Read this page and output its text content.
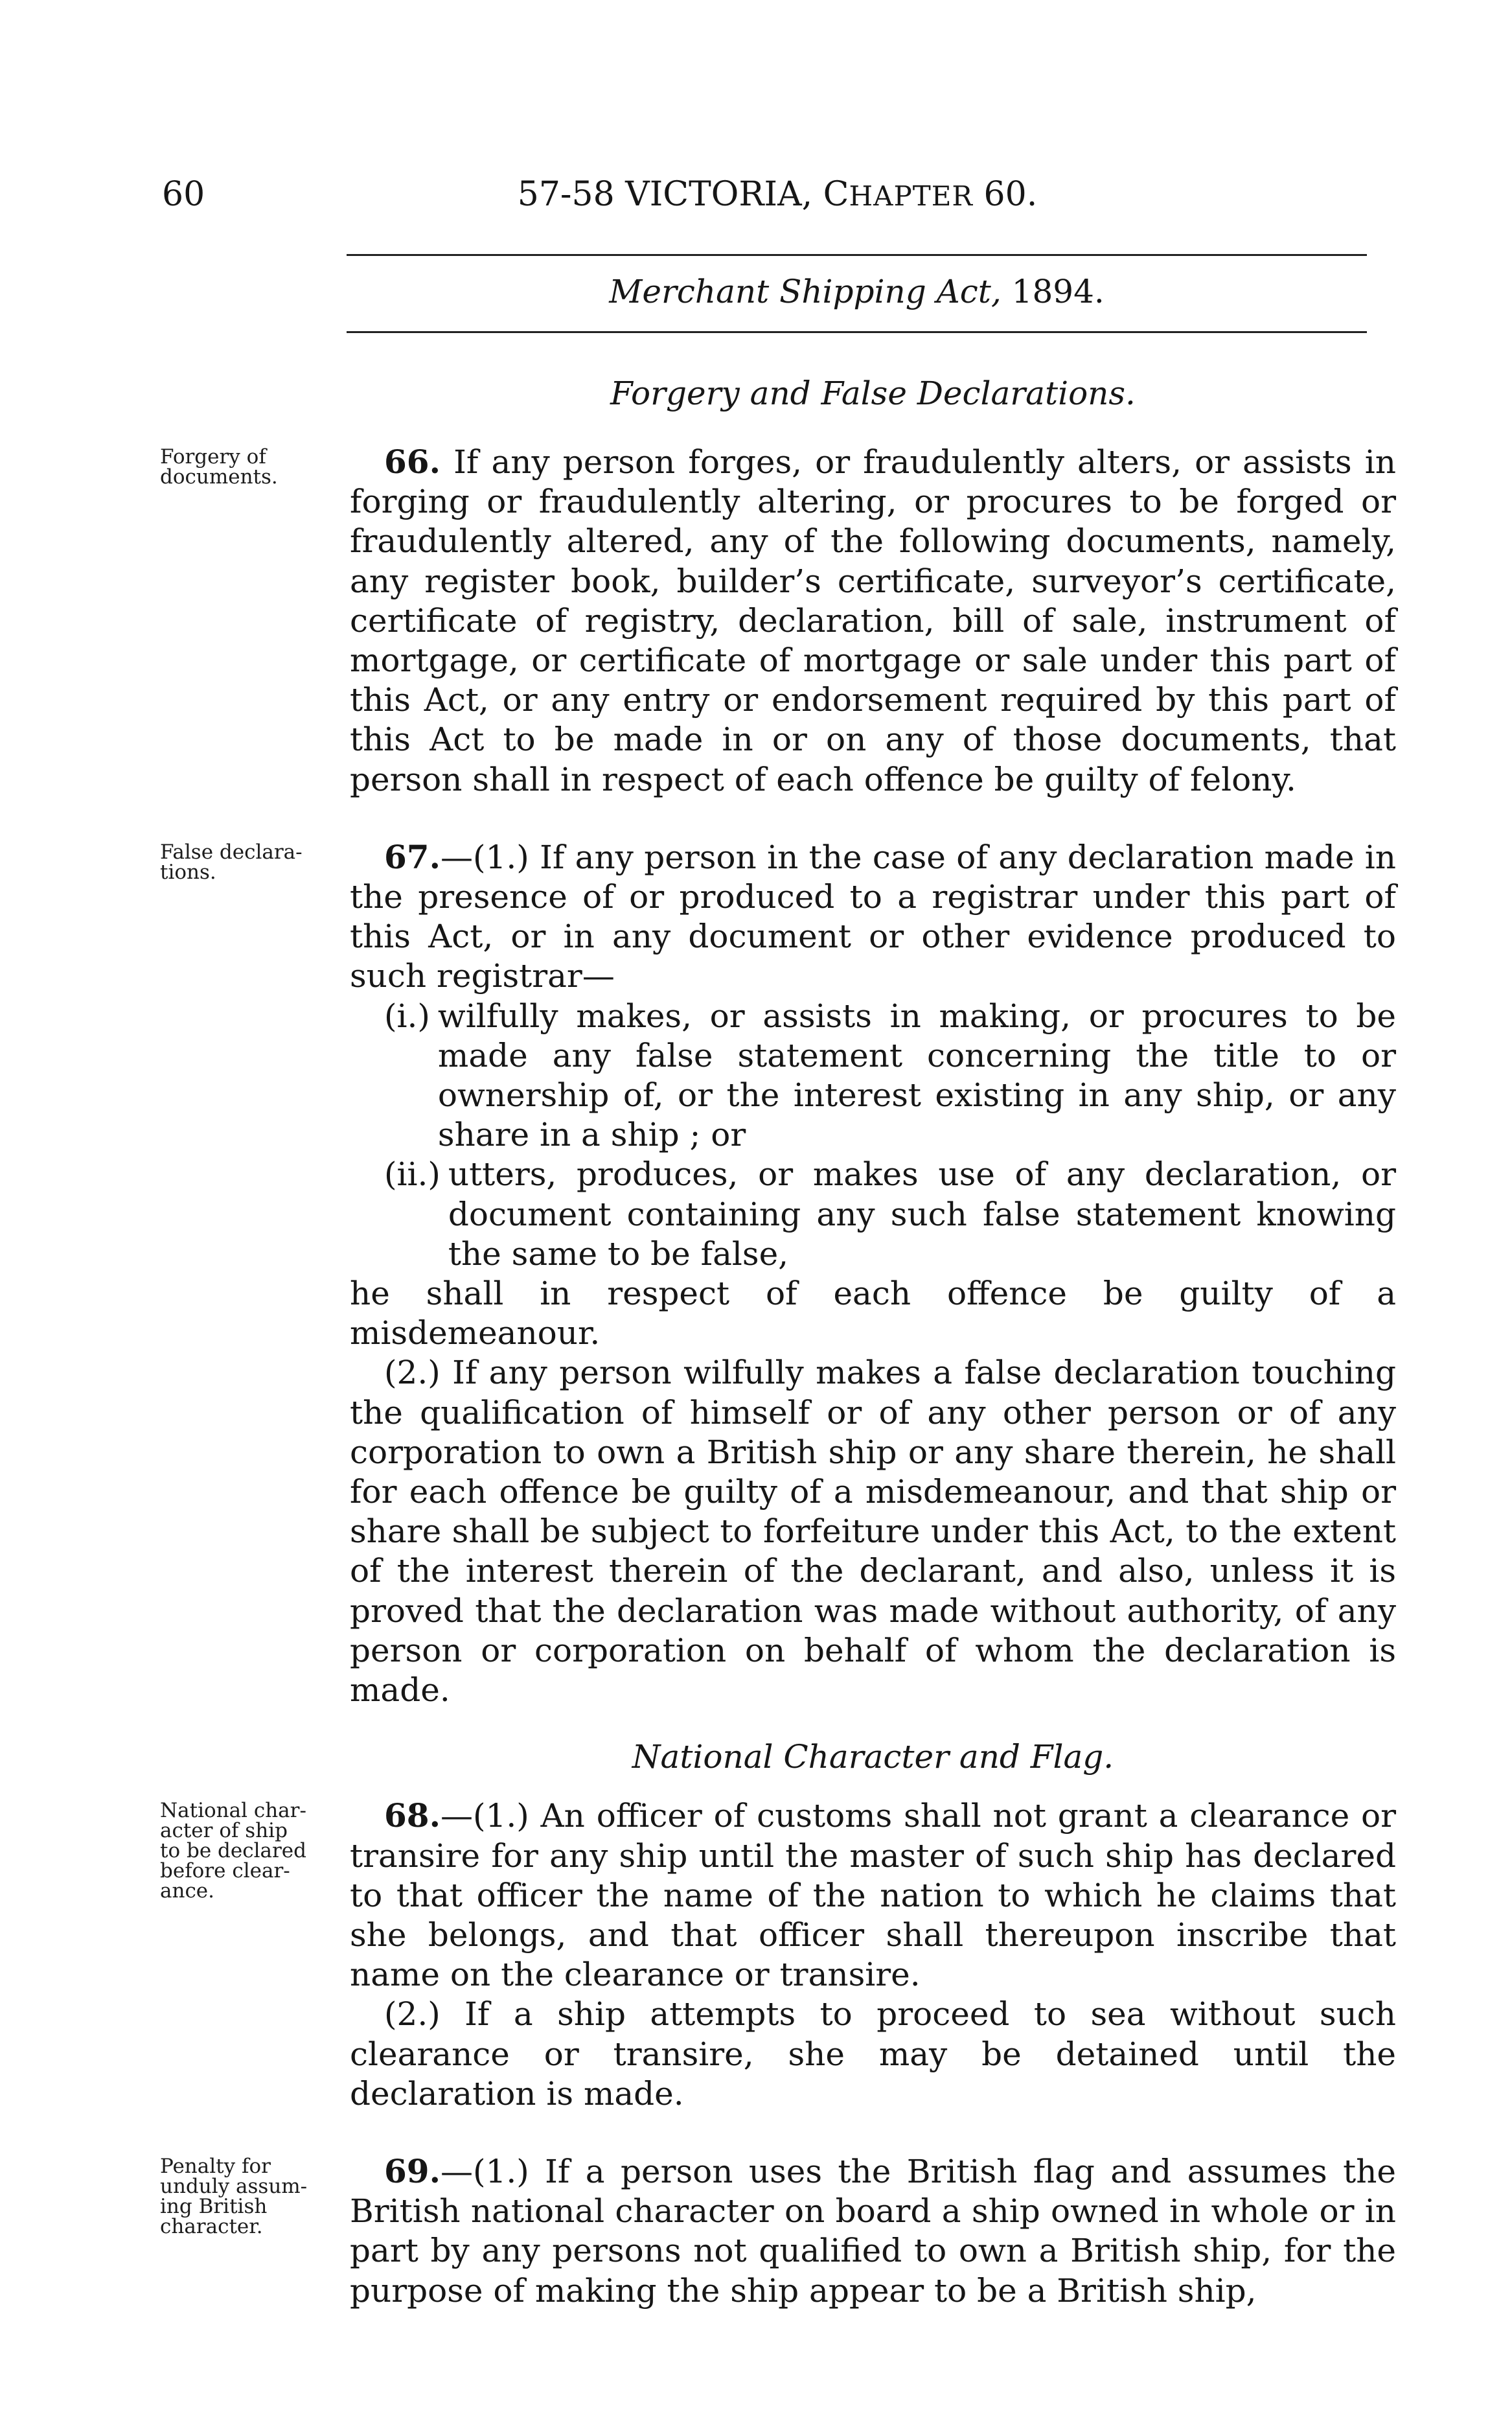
60	57-58 VICTORIA, CHAPTER 60.
Merchant Shipping Act, 1894.

Forgery and False Declarations.

Forgery of
documents.	66. If any person forges, or fraudulently alters, or assists in forging or fraudulently altering, or procures to be forged or fraudulently altered, any of the following documents, namely, any register book, builder’s certificate, surveyor’s certificate, certificate of registry, declaration, bill of sale, instrument of mortgage, or certificate of mortgage or sale under this part of this Act, or any entry or endorsement required by this part of this Act to be made in or on any of those documents, that person shall in respect of each offence be guilty of felony.

False declara-
tions.	67.—(1.) If any person in the case of any declaration made in the presence of or produced to a registrar under this part of this Act, or in any document or other evidence produced to such registrar—

(i.) wilfully makes, or assists in making, or procures to be made any false statement concerning the title to or ownership of, or the interest existing in any ship, or any share in a ship ; or
(ii.) utters, produces, or makes use of any declaration, or document containing any such false statement knowing the same to be false,

he shall in respect of each offence be guilty of a misdemeanour.

(2.) If any person wilfully makes a false declaration touching the qualification of himself or of any other person or of any corporation to own a British ship or any share therein, he shall for each offence be guilty of a misdemeanour, and that ship or share shall be subject to forfeiture under this Act, to the extent of the interest therein of the declarant, and also, unless it is proved that the declaration was made without authority, of any person or corporation on behalf of whom the declaration is made.

National Character and Flag.

National char-
acter of ship
to be declared
before clear-
ance.

68.—(1.) An officer of customs shall not grant a clearance or transire for any ship until the master of such ship has declared to that officer the name of the nation to which he claims that she belongs, and that officer shall thereupon inscribe that name on the clearance or transire.

(2.) If a ship attempts to proceed to sea without such clearance or transire, she may be detained until the declaration is made.

Penalty for
unduly assum-
ing British
character.

69.—(1.) If a person uses the British flag and assumes the British national character on board a ship owned in whole or in part by any persons not qualified to own a British ship, for the purpose of making the ship appear to be a British ship,
